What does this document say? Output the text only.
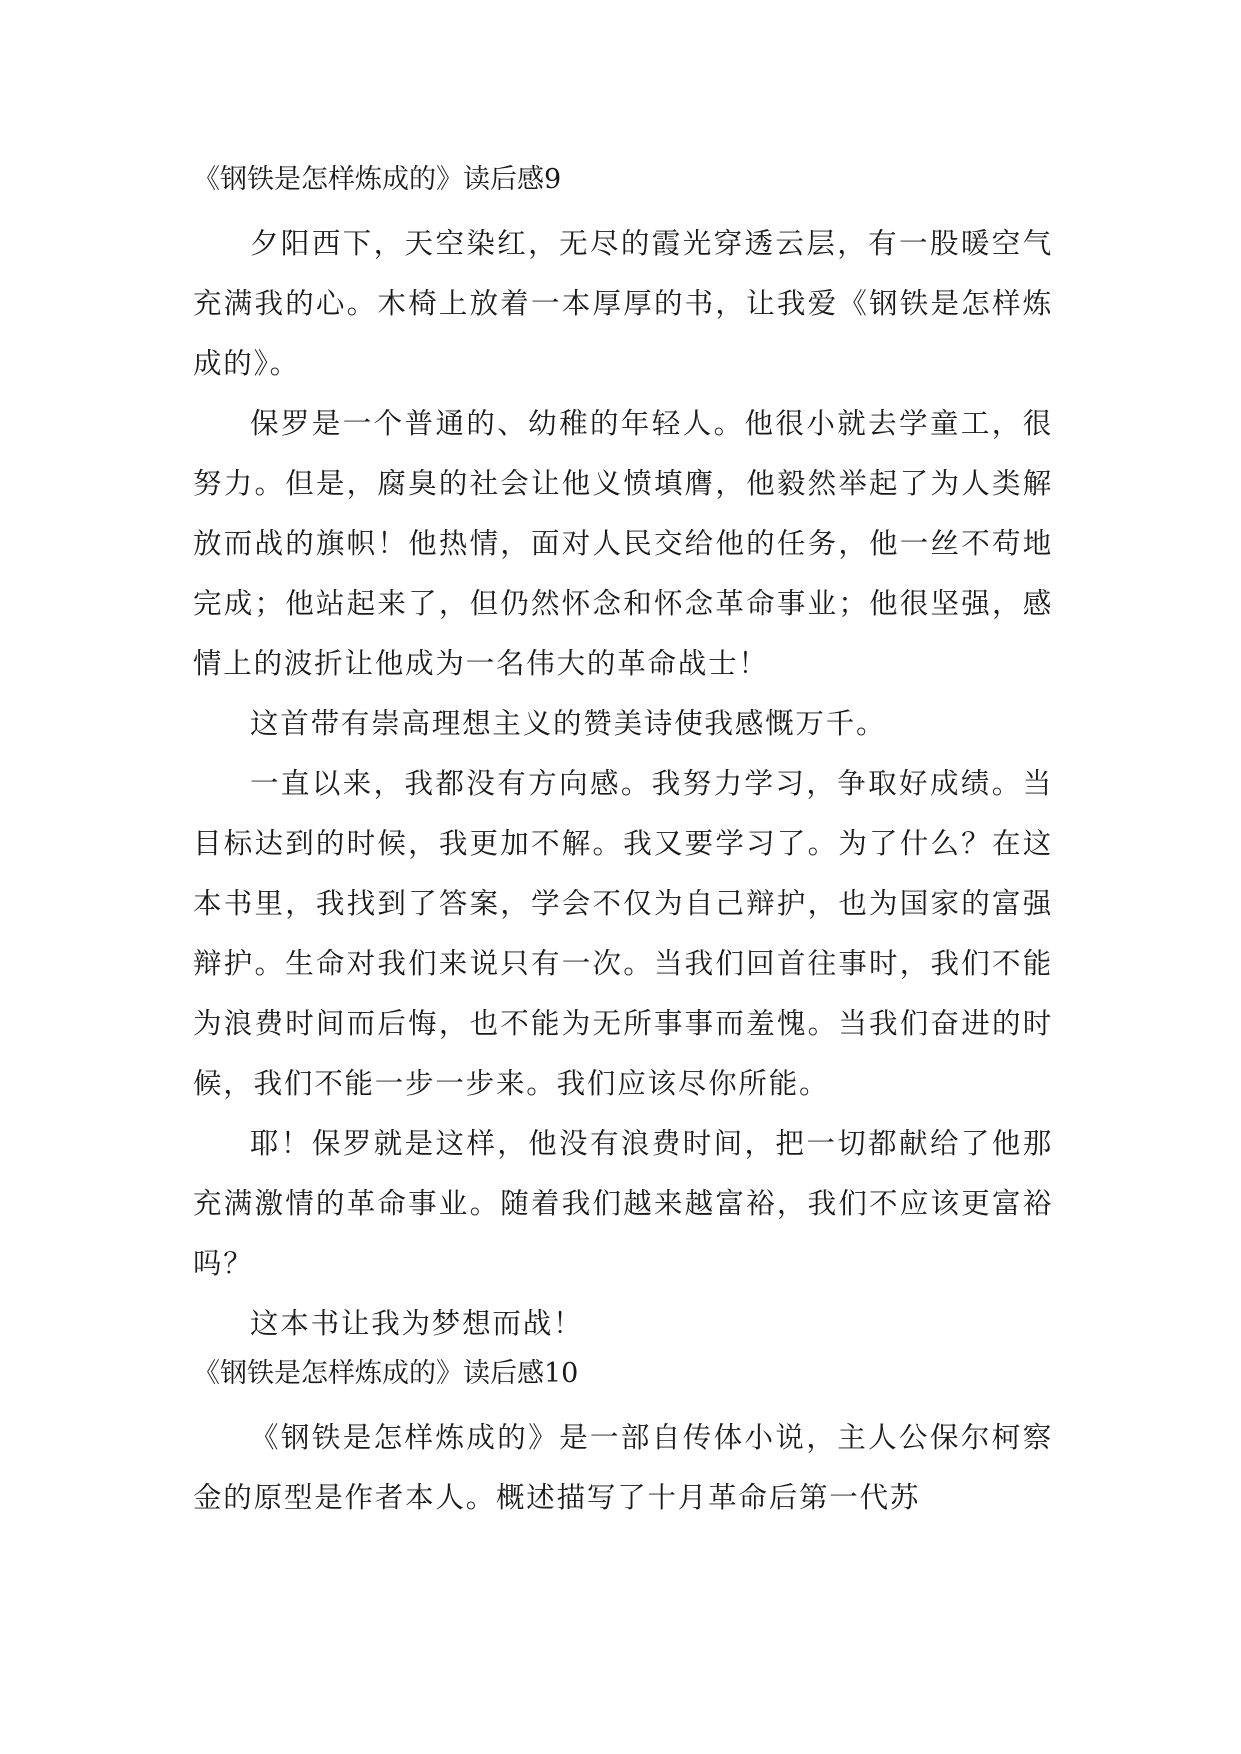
《钢铁是怎样炼成的》读后感9

夕阳西下，天空染红，无尽的霞光穿透云层，有一股暖空气充满我的心。木椅上放着一本厚厚的书，让我爱《钢铁是怎样炼成的》。

保罗是一个普通的、幼稚的年轻人。他很小就去学童工，很努力。但是，腐臭的社会让他义愤填膺，他毅然举起了为人类解放而战的旗帜！他热情，面对人民交给他的任务，他一丝不苟地完成；他站起来了，但仍然怀念和怀念革命事业；他很坚强，感情上的波折让他成为一名伟大的革命战士！

这首带有崇高理想主义的赞美诗使我感慨万千。

一直以来，我都没有方向感。我努力学习，争取好成绩。当目标达到的时候，我更加不解。我又要学习了。为了什么？在这本书里，我找到了答案，学会不仅为自己辩护，也为国家的富强辩护。生命对我们来说只有一次。当我们回首往事时，我们不能为浪费时间而后悔，也不能为无所事事而羞愧。当我们奋进的时候，我们不能一步一步来。我们应该尽你所能。

耶！保罗就是这样，他没有浪费时间，把一切都献给了他那充满激情的革命事业。随着我们越来越富裕，我们不应该更富裕吗？

这本书让我为梦想而战！

《钢铁是怎样炼成的》读后感10

《钢铁是怎样炼成的》是一部自传体小说，主人公保尔柯察金的原型是作者本人。概述描写了十月革命后第一代苏
